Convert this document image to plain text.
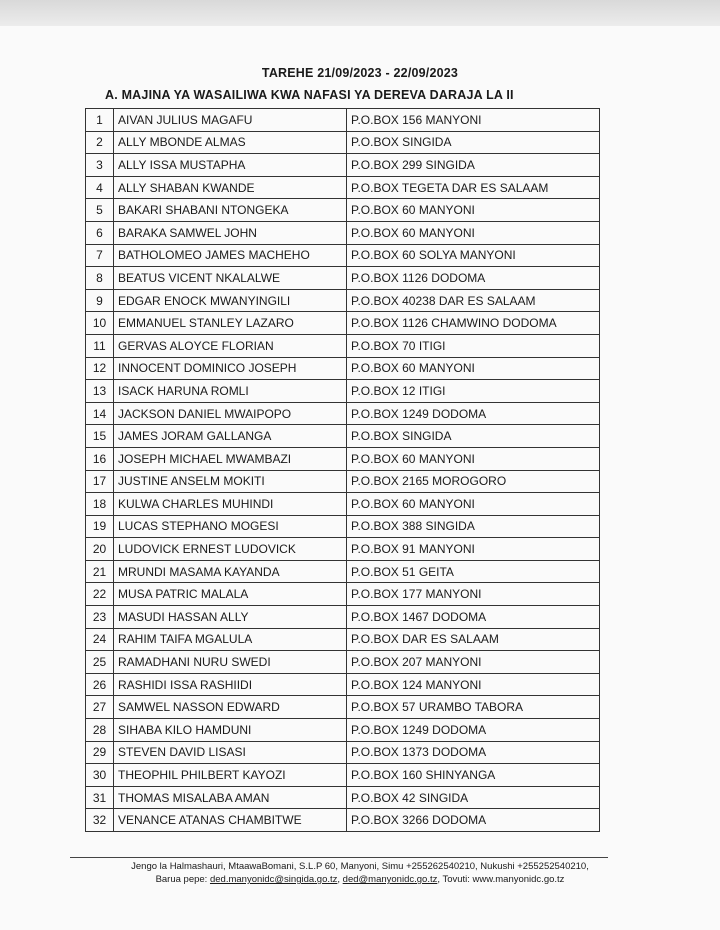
TAREHE 21/09/2023 - 22/09/2023
A. MAJINA YA WASAILIWA KWA NAFASI YA DEREVA DARAJA LA II
1	AIVAN JULIUS MAGAFU	P.O.BOX 156 MANYONI
2	ALLY MBONDE ALMAS	P.O.BOX SINGIDA
3	ALLY ISSA MUSTAPHA	P.O.BOX 299 SINGIDA
4	ALLY SHABAN KWANDE	P.O.BOX TEGETA DAR ES SALAAM
5	BAKARI SHABANI NTONGEKA	P.O.BOX 60 MANYONI
6	BARAKA SAMWEL JOHN	P.O.BOX 60 MANYONI
7	BATHOLOMEO JAMES MACHEHO	P.O.BOX 60 SOLYA MANYONI
8	BEATUS VICENT NKALALWE	P.O.BOX 1126 DODOMA
9	EDGAR ENOCK MWANYINGILI	P.O.BOX 40238 DAR ES SALAAM
10	EMMANUEL STANLEY LAZARO	P.O.BOX 1126 CHAMWINO DODOMA
11	GERVAS ALOYCE FLORIAN	P.O.BOX 70 ITIGI
12	INNOCENT DOMINICO JOSEPH	P.O.BOX 60 MANYONI
13	ISACK HARUNA ROMLI	P.O.BOX 12 ITIGI
14	JACKSON DANIEL MWAIPOPO	P.O.BOX 1249 DODOMA
15	JAMES JORAM GALLANGA	P.O.BOX SINGIDA
16	JOSEPH MICHAEL MWAMBAZI	P.O.BOX 60 MANYONI
17	JUSTINE ANSELM MOKITI	P.O.BOX 2165 MOROGORO
18	KULWA CHARLES MUHINDI	P.O.BOX 60 MANYONI
19	LUCAS STEPHANO MOGESI	P.O.BOX 388 SINGIDA
20	LUDOVICK ERNEST LUDOVICK	P.O.BOX 91 MANYONI
21	MRUNDI MASAMA KAYANDA	P.O.BOX 51 GEITA
22	MUSA PATRIC MALALA	P.O.BOX 177 MANYONI
23	MASUDI HASSAN ALLY	P.O.BOX 1467 DODOMA
24	RAHIM TAIFA MGALULA	P.O.BOX DAR ES SALAAM
25	RAMADHANI NURU SWEDI	P.O.BOX 207 MANYONI
26	RASHIDI ISSA RASHIIDI	P.O.BOX 124 MANYONI
27	SAMWEL NASSON EDWARD	P.O.BOX 57 URAMBO TABORA
28	SIHABA KILO HAMDUNI	P.O.BOX 1249 DODOMA
29	STEVEN DAVID LISASI	P.O.BOX 1373 DODOMA
30	THEOPHIL PHILBERT KAYOZI	P.O.BOX 160 SHINYANGA
31	THOMAS MISALABA AMAN	P.O.BOX 42 SINGIDA
32	VENANCE ATANAS CHAMBITWE	P.O.BOX 3266 DODOMA
Jengo la Halmashauri, MtaawaBomani, S.L.P 60, Manyoni, Simu +255262540210, Nukushi +255252540210,
Barua pepe: ded.manyonidc@singida.go.tz, ded@manyonidc.go.tz, Tovuti: www.manyonidc.go.tz
